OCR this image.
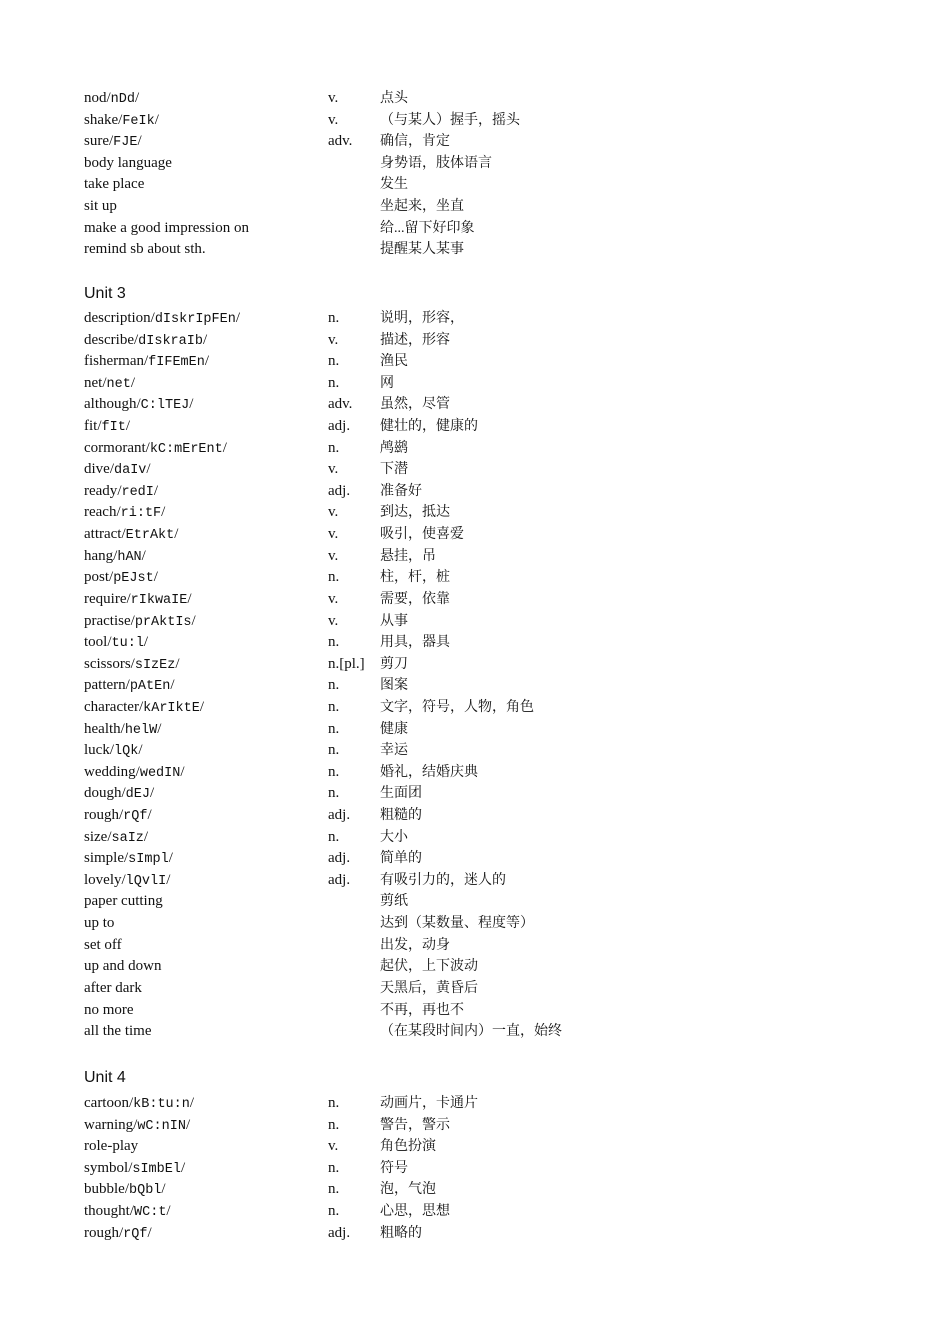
nod/nDd/	v.	点头
shake/FeIk/	v.	（与某人）握手，摇头
sure/FJE/	adv. 确信，肯定
body language	身势语，肢体语言
take place	发生
sit up	坐起来，坐直
make a good impression on	给...留下好印象
remind sb about sth.	提醒某人某事
Unit 3
description/dIskrIpFEn/	n.	说明，形容，
describe/dIskraIb/	v.	描述，形容
fisherman/fIFEmEn/	n.	渔民
net/net/	n.	网
although/C:lTEJ/	adv. 虽然，尽管
fit/fIt/	adj. 健壮的，健康的
cormorant/kC:mErEnt/	n.	鸬鹚
dive/daIv/	v.	下潜
ready/redI/	adj. 准备好
reach/ri:tF/	v.	到达，抵达
attract/EtrAkt/	v.	吸引，使喜爱
hang/hAN/	v.	悬挂，吊
post/pEJst/	n.	柱，杆，桩
require/rIkwaIE/	v.	需要，依靠
practise/prAktIs/	v.	从事
tool/tu:l/	n.	用具，器具
scissors/sIzEz/	n.[pl.] 剪刀
pattern/pAtEn/	n.	图案
character/kArIktE/	n.	文字，符号，人物，角色
health/helW/	n.	健康
luck/lQk/	n.	幸运
wedding/wedIN/	n.	婚礼，结婚庆典
dough/dEJ/	n.	生面团
rough/rQf/	adj. 粗糙的
size/saIz/	n.	大小
simple/sImpl/	adj. 简单的
lovely/lQvlI/	adj. 有吸引力的，迷人的
paper cutting	剪纸
up to	达到（某数量、程度等）
set off	出发，动身
up and down	起伏，上下波动
after dark	天黑后，黄昏后
no more	不再，再也不
all the time	（在某段时间内）一直，始终
Unit 4
cartoon/kB:tu:n/	n.	动画片，卡通片
warning/wC:nIN/	n.	警告，警示
role-play	v.	角色扮演
symbol/sImbEl/	n.	符号
bubble/bQbl/	n.	泡，气泡
thought/WC:t/	n.	心思，思想
rough/rQf/	adj. 粗略的
